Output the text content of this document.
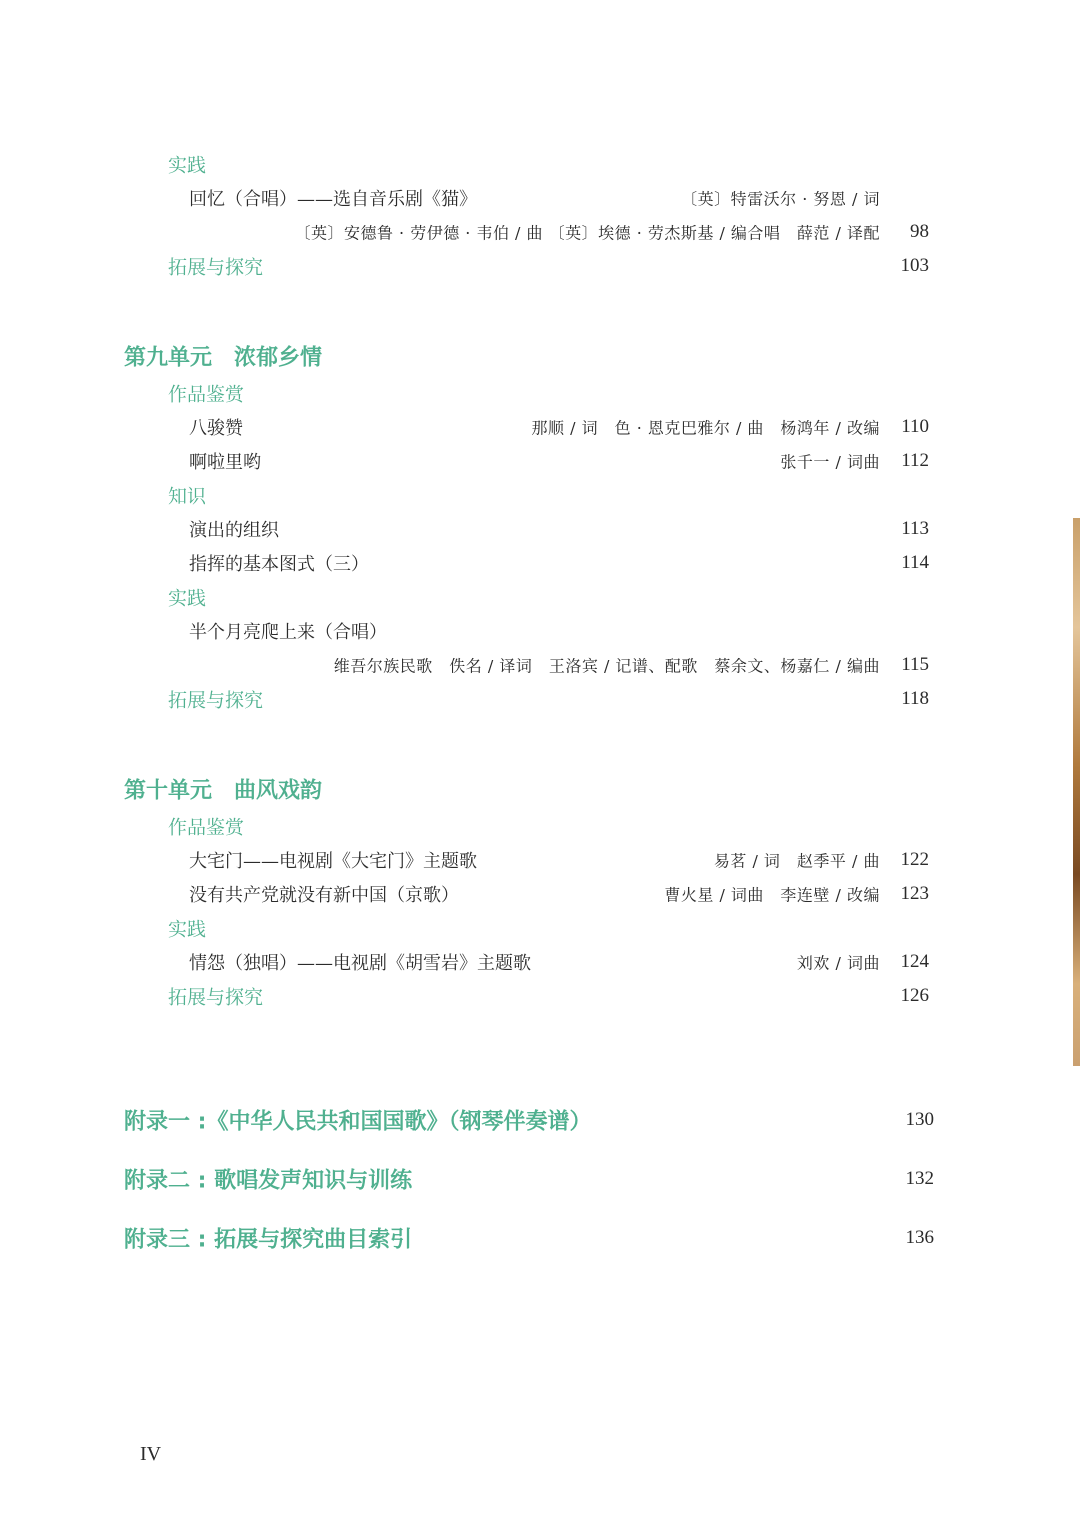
实践
回忆（合唱）——选自音乐剧《猫》	〔英〕特雷沃尔 · 努恩 / 词
〔英〕安德鲁 · 劳伊德 · 韦伯 / 曲 〔英〕埃德 · 劳杰斯基 / 编合唱　薛范 / 译配 98
拓展与探究	103
第九单元　浓郁乡情
作品鉴赏
八骏赞	那顺 / 词　色 · 恩克巴雅尔 / 曲　杨鸿年 / 改编 110
啊啦里哟	张千一 / 词曲 112
知识
演出的组织	113
指挥的基本图式（三）	114
实践
半个月亮爬上来（合唱）
维吾尔族民歌　佚名 / 译词　王洛宾 / 记谱、配歌　蔡余文、杨嘉仁 / 编曲 115
拓展与探究	118
第十单元　曲风戏韵
作品鉴赏
大宅门——电视剧《大宅门》主题歌	易茗 / 词　赵季平 / 曲 122
没有共产党就没有新中国（京歌）	曹火星 / 词曲　李连壁 / 改编 123
实践
情怨（独唱）——电视剧《胡雪岩》主题歌	刘欢 / 词曲 124
拓展与探究	126
附录一 :《中华人民共和国国歌》（钢琴伴奏谱）	130
附录二 : 歌唱发声知识与训练	132
附录三 : 拓展与探究曲目索引	136
IV
